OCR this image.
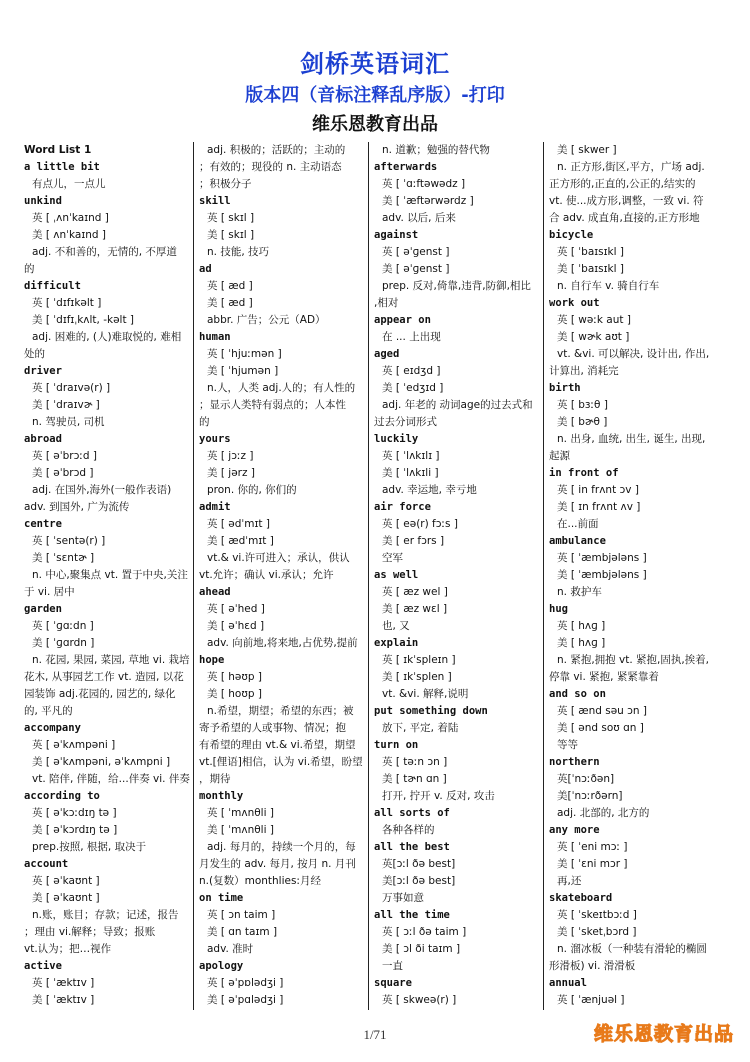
剑桥英语词汇
版本四（音标注释乱序版）-打印
维乐恩教育出品
Word List 1
a little bit
有点儿，一点儿
unkind
英 [ ˌʌnˈkaɪnd ]
美 [ ʌnˈkaɪnd ]
adj. 不和善的，无情的, 不厚道
的
difficult
英 [ ˈdɪfɪkəlt ]
美 [ ˈdɪfɪˌkʌlt, -kəlt ]
adj. 困难的, (人)难取悦的, 难相
处的
driver
英 [ ˈdraɪvə(r) ]
美 [ ˈdraɪvɚ ]
n. 驾驶员, 司机
abroad
英 [ əˈbrɔːd ]
美 [ əˈbrɔd ]
adj. 在国外,海外(一般作表语)
adv. 到国外, 广为流传
centre
英 [ ˈsentə(r) ]
美 [ ˈsɛntɚ ]
n. 中心,聚集点 vt. 置于中央,关注
于 vi. 居中
garden
英 [ ˈɡɑːdn ]
美 [ ˈɡɑrdn ]
n. 花园, 果园, 菜园, 草地 vi. 栽培
花木, 从事园艺工作 vt. 造园, 以花
园装饰 adj.花园的, 园艺的, 绿化
的, 平凡的
accompany
英 [ əˈkʌmpəni ]
美 [ əˈkʌmpəni, əˈkʌmpni ]
vt. 陪伴, 伴随，给...伴奏 vi. 伴奏
according to
英 [ əˈkɔːdɪŋ tə ]
美 [ əˈkɔrdɪŋ tə ]
prep.按照, 根据, 取决于
account
英 [ əˈkaʊnt ]
美 [ əˈkaʊnt ]
n.账，账目；存款；记述，报告
；理由 vi.解释；导致；报账
vt.认为；把…视作
active
英 [ ˈæktɪv ]
美 [ ˈæktɪv ]
adj. 积极的；活跃的；主动的
；有效的；现役的 n. 主动语态
；积极分子
skill
英 [ skɪl ]
美 [ skɪl ]
n. 技能, 技巧
ad
英 [ æd ]
美 [ æd ]
abbr. 广告；公元（AD）
human
英 [ ˈhjuːmən ]
美 [ ˈhjumən ]
n.人，人类 adj.人的；有人性的
；显示人类特有弱点的；人本性
的
yours
英 [ jɔːz ]
美 [ jərz ]
pron. 你的, 你们的
admit
英 [ ədˈmɪt ]
美 [ ædˈmɪt ]
vt.& vi.许可进入；承认，供认
vt.允许；确认 vi.承认；允许
ahead
英 [ əˈhed ]
美 [ əˈhɛd ]
adv. 向前地,将来地,占优势,提前
hope
英 [ həʊp ]
美 [ hoʊp ]
n.希望，期望；希望的东西；被
寄予希望的人或事物、情况；抱
有希望的理由 vt.& vi.希望，期望
vt.[俚语]相信，认为 vi.希望，盼望
，期待
monthly
英 [ ˈmʌnθli ]
美 [ ˈmʌnθli ]
adj. 每月的，持续一个月的，每
月发生的 adv. 每月, 按月 n. 月刊
n.(复数）monthlies:月经
on time
英 [ ɔn taim ]
美 [ ɑn taɪm ]
adv. 准时
apology
英 [ əˈpɒlədʒi ]
美 [ əˈpɑlədʒi ]
n. 道歉；勉强的替代物
afterwards
英 [ ˈɑːftəwədz ]
美 [ ˈæftərwərdz ]
adv. 以后, 后来
against
英 [ əˈɡenst ]
美 [ əˈɡenst ]
prep. 反对,倚靠,违背,防御,相比
,相对
appear on
在 ... 上出现
aged
英 [ eɪdʒd ]
美 [ ˈedʒɪd ]
adj. 年老的 动词age的过去式和
过去分词形式
luckily
英 [ ˈlʌkɪlɪ ]
美 [ ˈlʌkɪli ]
adv. 幸运地, 幸亏地
air force
英 [ eə(r) fɔːs ]
美 [ er fɔrs ]
空军
as well
英 [ æz wel ]
美 [ æz wɛl ]
也, 又
explain
英 [ ɪkˈspleɪn ]
美 [ ɪkˈsplen ]
vt. &vi. 解释,说明
put something down
放下, 平定, 着陆
turn on
英 [ təːn ɔn ]
美 [ tɚn ɑn ]
打开, 拧开 v. 反对, 攻击
all sorts of
各种各样的
all the best
英[ɔːl ðə best]
美[ɔːl ðə best]
万事如意
all the time
英 [ ɔːl ðə taim ]
美 [ ɔl ði taɪm ]
一直
square
英 [ skweə(r) ]
美 [ skwer ]
n. 正方形,街区,平方，广场 adj.
正方形的,正直的,公正的,结实的
vt. 使...成方形,调整，一致 vi. 符
合 adv. 成直角,直接的,正方形地
bicycle
英 [ ˈbaɪsɪkl ]
美 [ ˈbaɪsɪkl ]
n. 自行车 v. 骑自行车
work out
英 [ wəːk aut ]
美 [ wɚk aʊt ]
vt. &vi. 可以解决, 设计出, 作出,
计算出, 消耗完
birth
英 [ bɜːθ ]
美 [ bɚθ ]
n. 出身, 血统, 出生, 诞生, 出现,
起源
in front of
英 [ in frʌnt ɔv ]
美 [ ɪn frʌnt ʌv ]
在...前面
ambulance
英 [ ˈæmbjələns ]
美 [ ˈæmbjələns ]
n. 救护车
hug
英 [ hʌɡ ]
美 [ hʌɡ ]
n. 紧抱,拥抱 vt. 紧抱,固执,挨着,
停靠 vi. 紧抱, 紧紧靠着
and so on
英 [ ænd səu ɔn ]
美 [ ənd soʊ ɑn ]
等等
northern
英[ˈnɔːðən]
美[ˈnɔːrðərn]
adj. 北部的, 北方的
any more
英 [ ˈeni mɔː ]
美 [ ˈɛni mɔr ]
再,还
skateboard
英 [ ˈskeɪtbɔːd ]
美 [ ˈsketˌbɔrd ]
n. 溜冰板（一种装有滑轮的椭圆
形滑板) vi. 滑滑板
annual
英 [ ˈænjuəl ]
1/71	维乐恩教育出品
